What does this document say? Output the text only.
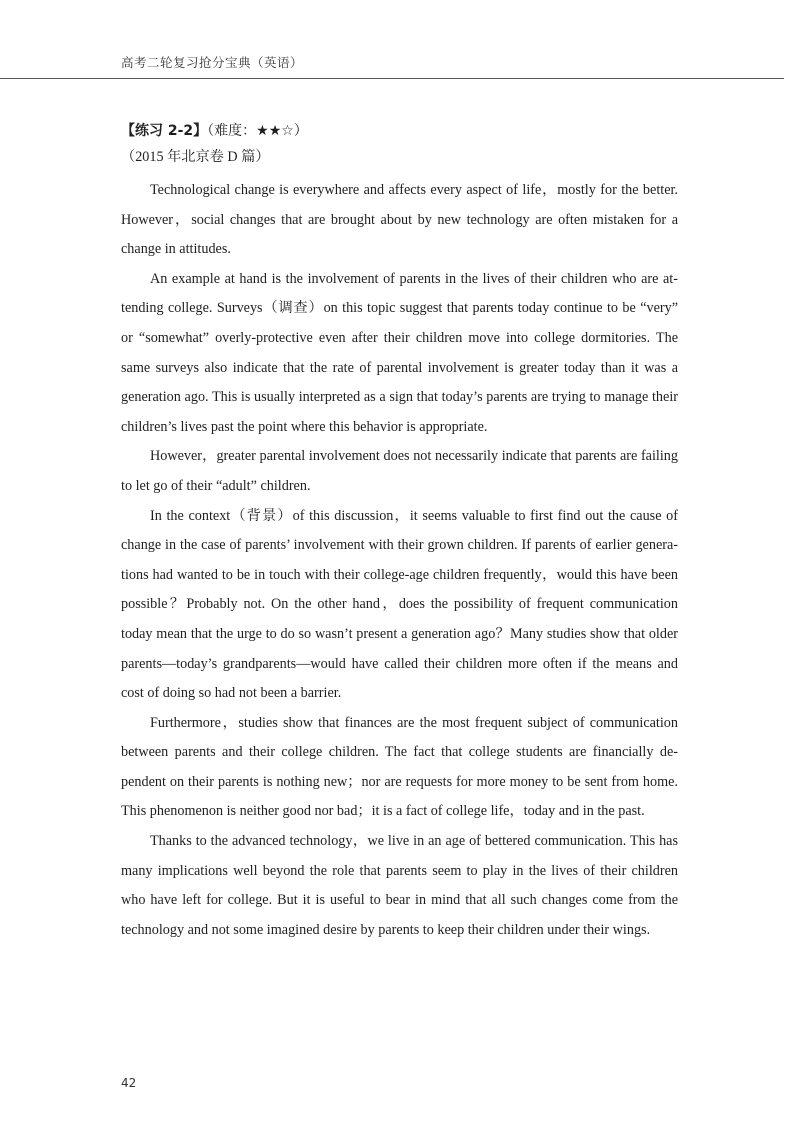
高考二轮复习抢分宝典（英语）
【练习 2-2】（难度：★★☆）
（2015 年北京卷 D 篇）

Technological change is everywhere and affects every aspect of life，mostly for the better. However，social changes that are brought about by new technology are often mistaken for a change in attitudes.

An example at hand is the involvement of parents in the lives of their children who are attending college. Surveys（调查）on this topic suggest that parents today continue to be “very” or “somewhat” overly-protective even after their children move into college dormitories. The same surveys also indicate that the rate of parental involvement is greater today than it was a generation ago. This is usually interpreted as a sign that today’s parents are trying to manage their children’s lives past the point where this behavior is appropriate.

However，greater parental involvement does not necessarily indicate that parents are failing to let go of their “adult” children.

In the context（背景）of this discussion，it seems valuable to first find out the cause of change in the case of parents’ involvement with their grown children. If parents of earlier generations had wanted to be in touch with their college-age children frequently，would this have been possible？Probably not. On the other hand，does the possibility of frequent communication today mean that the urge to do so wasn’t present a generation ago？Many studies show that older parents—today’s grandparents—would have called their children more often if the means and cost of doing so had not been a barrier.

Furthermore，studies show that finances are the most frequent subject of communication between parents and their college children. The fact that college students are financially dependent on their parents is nothing new；nor are requests for more money to be sent from home. This phenomenon is neither good nor bad；it is a fact of college life，today and in the past.

Thanks to the advanced technology，we live in an age of bettered communication. This has many implications well beyond the role that parents seem to play in the lives of their children who have left for college. But it is useful to bear in mind that all such changes come from the technology and not some imagined desire by parents to keep their children under their wings.

42
